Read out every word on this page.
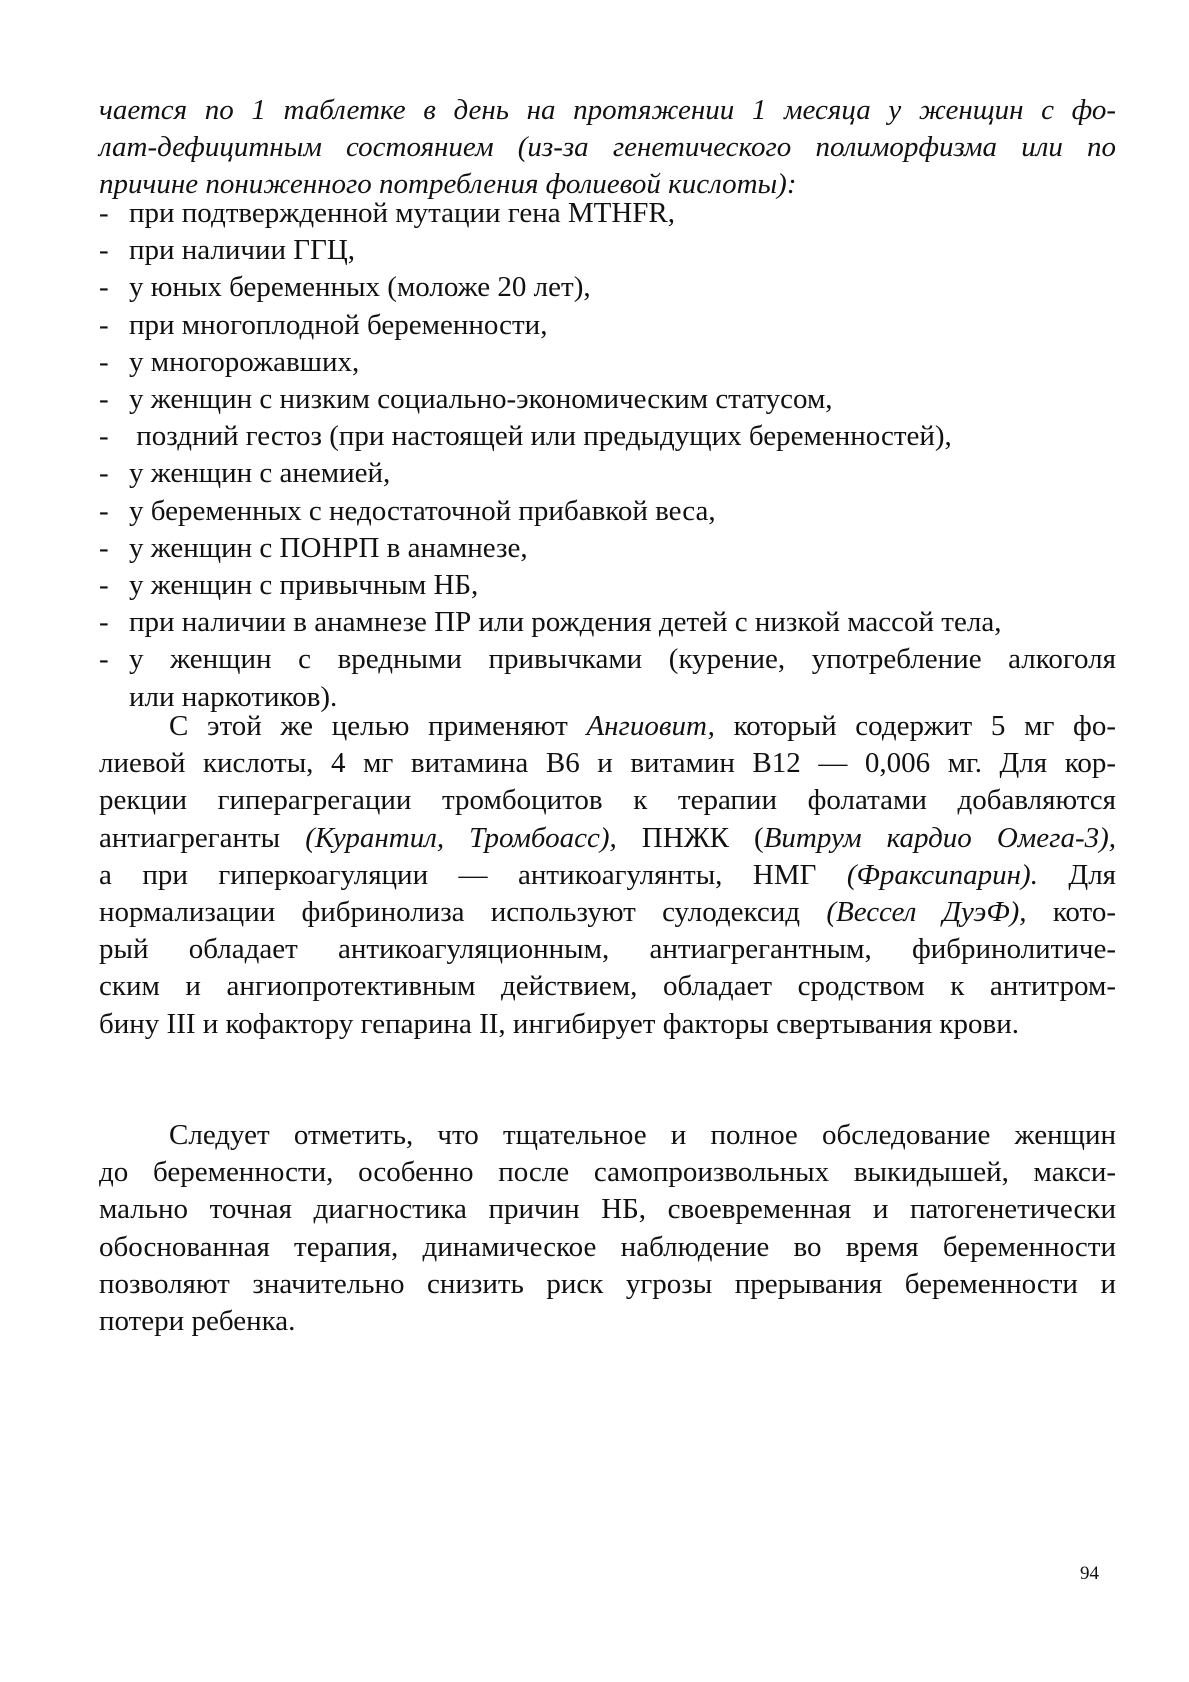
чается по 1 таблетке в день на протяжении 1 месяца у женщин с фо-
лат-дефицитным состоянием (из-за генетического полиморфизма или по
причине пониженного потребления фолиевой кислоты):
- при подтвержденной мутации гена MTHFR,
- при наличии ГГЦ,
- у юных беременных (моложе 20 лет),
- при многоплодной беременности,
- у многорожавших,
- у женщин с низким социально-экономическим статусом,
-  поздний гестоз (при настоящей или предыдущих беременностей),
- у женщин с анемией,
- у беременных с недостаточной прибавкой веса,
- у женщин с ПОНРП в анамнезе,
- у женщин с привычным НБ,
- при наличии в анамнезе ПР или рождения детей с низкой массой тела,
- у женщин с вредными привычками (курение, употребление алкоголя
или наркотиков).
С этой же целью применяют Ангиовит, который содержит 5 мг фо-
лиевой кислоты, 4 мг витамина B6 и витамин B12 — 0,006 мг. Для кор-
рекции гиперагрегации тромбоцитов к терапии фолатами добавляются
антиагреганты (Курантил, Тромбоасс), ПНЖК (Витрум кардио Омега-3),
а при гиперкоагуляции — антикоагулянты, НМГ (Фраксипарин). Для
нормализации фибринолиза используют сулодексид (Вессел ДуэФ), кото-
рый обладает антикоагуляционным, антиагрегантным, фибринолитиче-
ским и ангиопротективным действием, обладает сродством к антитром-
бину III и кофактору гепарина II, ингибирует факторы свертывания крови.
Следует отметить, что тщательное и полное обследование женщин
до беременности, особенно после самопроизвольных выкидышей, макси-
мально точная диагностика причин НБ, своевременная и патогенетически
обоснованная терапия, динамическое наблюдение во время беременности
позволяют значительно снизить риск угрозы прерывания беременности и
потери ребенка.
94
